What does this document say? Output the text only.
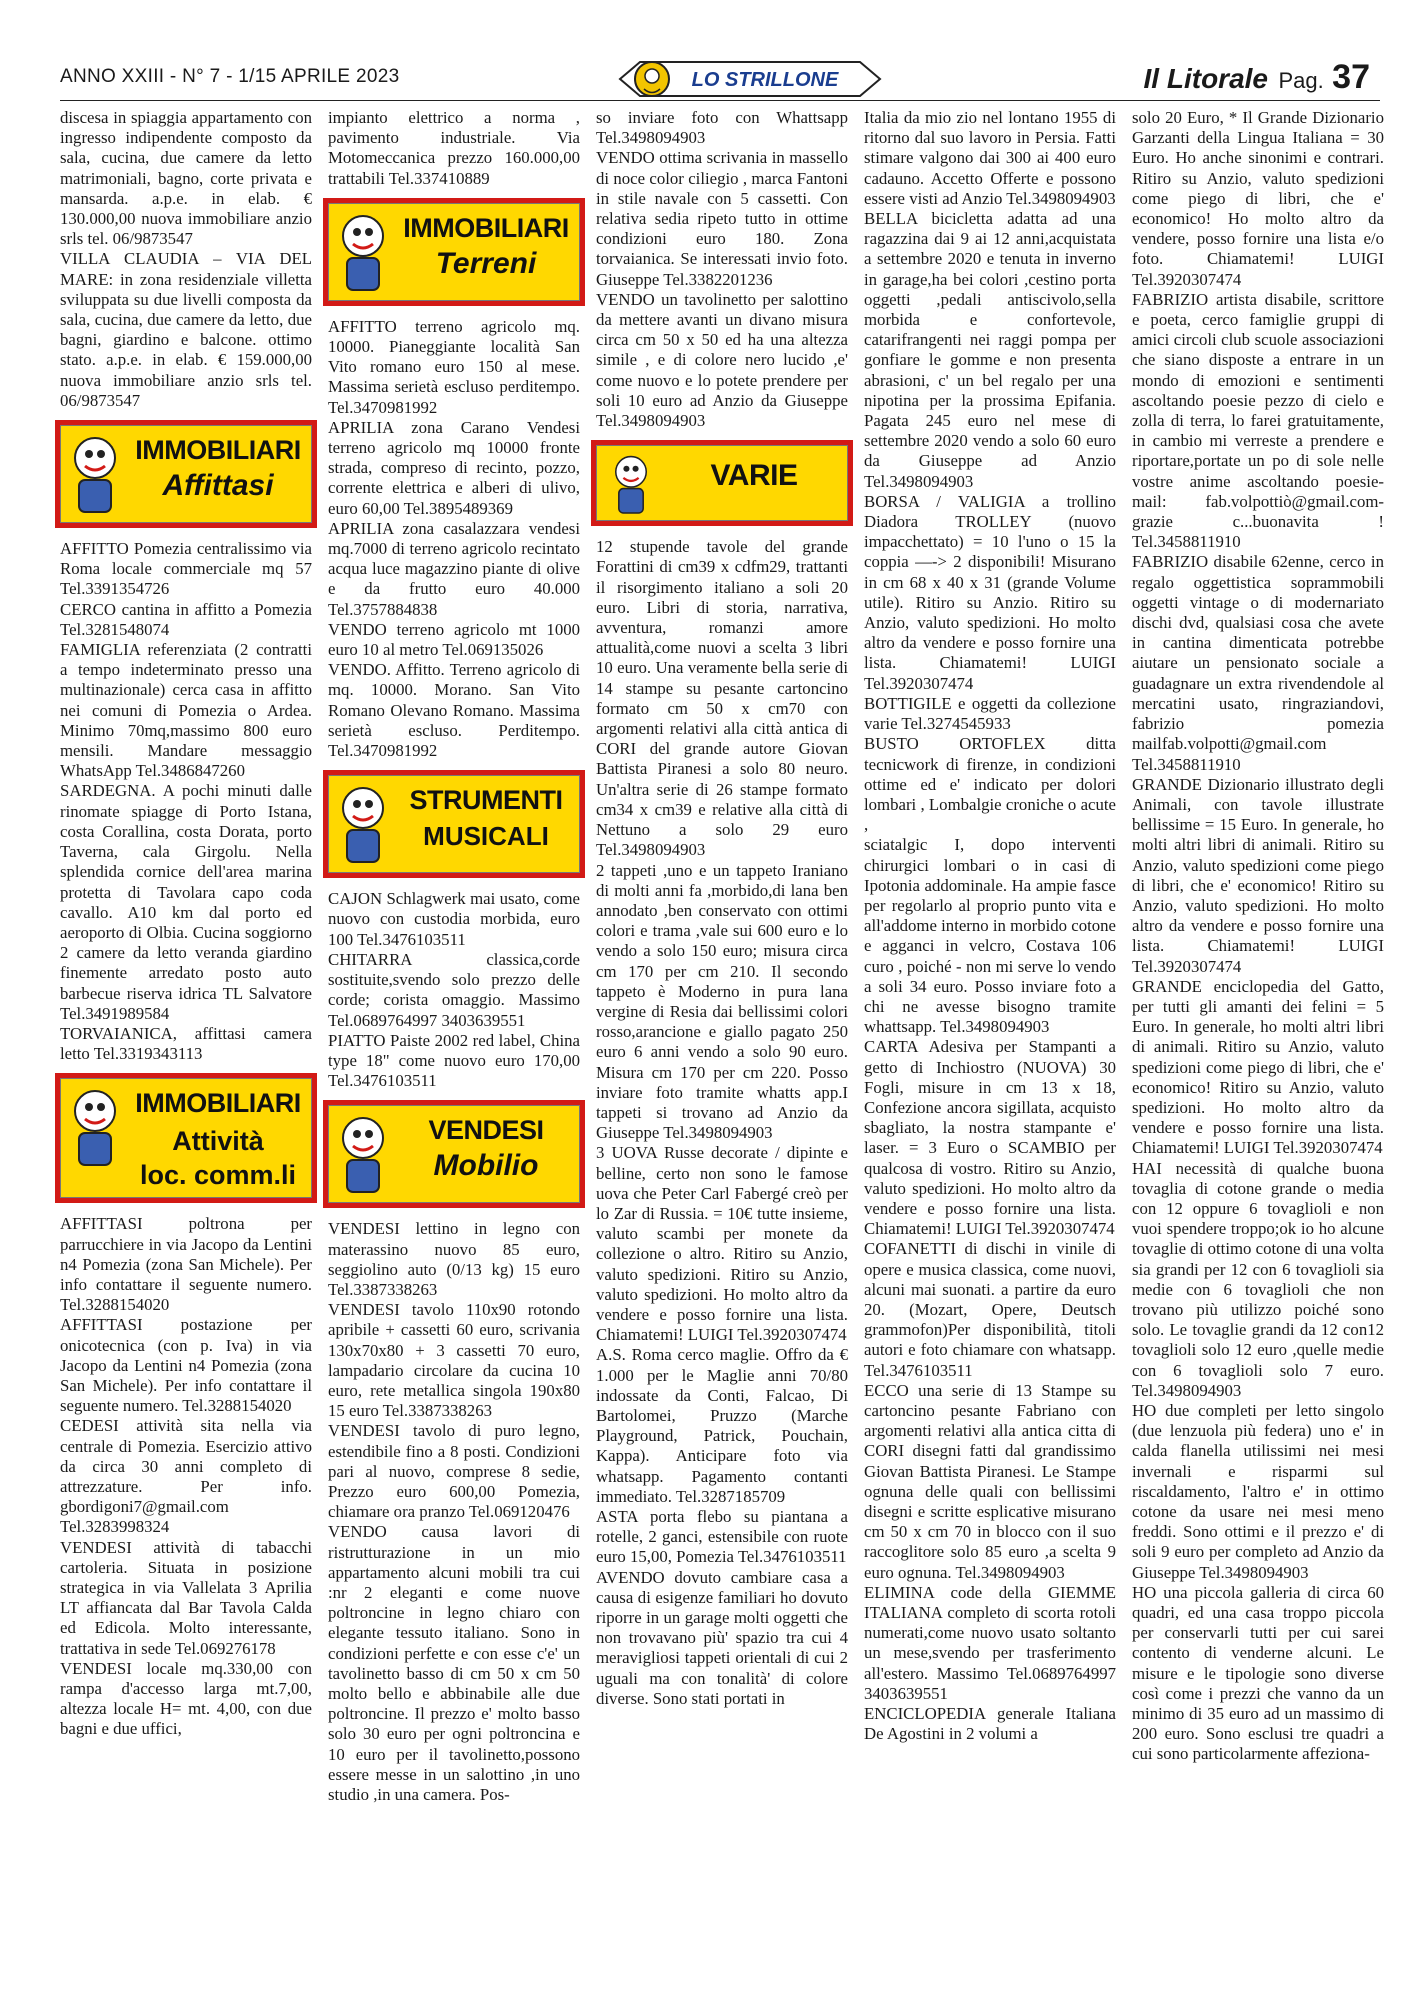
ANNO XXIII - N° 7 - 1/15 APRILE 2023	LO STRILLONE	Il Litorale Pag. 37

discesa in spiaggia appartamento con ingresso indipendente composto da sala, cucina, due camere da letto matrimoniali, bagno, corte privata e mansarda. a.p.e. in elab. € 130.000,00 nuova immobiliare anzio srls tel. 06/9873547

VILLA CLAUDIA – VIA DEL MARE: in zona residenziale villetta sviluppata su due livelli composta da sala, cucina, due camere da letto, due bagni, giardino e balcone. ottimo stato. a.p.e. in elab. € 159.000,00 nuova immobiliare anzio srls tel. 06/9873547

IMMOBILIARI
Affittasi

AFFITTO Pomezia centralissimo via Roma locale commerciale mq 57 Tel.3391354726

CERCO cantina in affitto a Pomezia Tel.3281548074

FAMIGLIA referenziata (2 contratti a tempo indeterminato presso una multinazionale) cerca casa in affitto nei comuni di Pomezia o Ardea. Minimo 70mq,massimo 800 euro mensili. Mandare messaggio WhatsApp Tel.3486847260

SARDEGNA. A pochi minuti dalle rinomate spiagge di Porto Istana, costa Corallina, costa Dorata, porto Taverna, cala Girgolu. Nella splendida cornice dell'area marina protetta di Tavolara capo coda cavallo. A10 km dal porto ed aeroporto di Olbia. Cucina soggiorno 2 camere da letto veranda giardino finemente arredato posto auto barbecue riserva idrica TL Salvatore Tel.3491989584

TORVAIANICA, affittasi camera letto Tel.3319343113

IMMOBILIARI
Attività
loc. comm.li

AFFITTASI poltrona per parrucchiere in via Jacopo da Lentini n4 Pomezia (zona San Michele). Per info contattare il seguente numero. Tel.3288154020

AFFITTASI postazione per onicotecnica (con p. Iva) in via Jacopo da Lentini n4 Pomezia (zona San Michele). Per info contattare il seguente numero. Tel.3288154020

CEDESI attività sita nella via centrale di Pomezia. Esercizio attivo da circa 30 anni completo di attrezzature. Per info. gbordigoni7@gmail.com Tel.3283998324

VENDESI attività di tabacchi cartoleria. Situata in posizione strategica in via Vallelata 3 Aprilia LT affiancata dal Bar Tavola Calda ed Edicola. Molto interessante, trattativa in sede Tel.069276178

VENDESI locale mq.330,00 con rampa d'accesso larga mt.7,00, altezza locale H= mt. 4,00, con due bagni e due uffici,

impianto elettrico a norma , pavimento industriale. Via Motomeccanica prezzo 160.000,00 trattabili Tel.337410889

IMMOBILIARI
Terreni

AFFITTO terreno agricolo mq. 10000. Pianeggiante località San Vito romano euro 150 al mese. Massima serietà escluso perditempo. Tel.3470981992

APRILIA zona Carano Vendesi terreno agricolo mq 10000 fronte strada, compreso di recinto, pozzo, corrente elettrica e alberi di ulivo, euro 60,00 Tel.3895489369

APRILIA zona casalazzara vendesi mq.7000 di terreno agricolo recintato acqua luce magazzino piante di olive e da frutto euro 40.000 Tel.3757884838

VENDO terreno agricolo mt 1000 euro 10 al metro Tel.069135026

VENDO. Affitto. Terreno agricolo di mq. 10000. Morano. San Vito Romano Olevano Romano. Massima serietà escluso. Perditempo. Tel.3470981992

STRUMENTI
MUSICALI

CAJON Schlagwerk mai usato, come nuovo con custodia morbida, euro 100 Tel.3476103511

CHITARRA classica,corde sostituite,svendo solo prezzo delle corde; corista omaggio. Massimo Tel.0689764997 3403639551

PIATTO Paiste 2002 red label, China type 18" come nuovo euro 170,00 Tel.3476103511

VENDESI
Mobilio

VENDESI lettino in legno con materassino nuovo 85 euro, seggiolino auto (0/13 kg) 15 euro Tel.3387338263

VENDESI tavolo 110x90 rotondo apribile + cassetti 60 euro, scrivania 130x70x80 + 3 cassetti 70 euro, lampadario circolare da cucina 10 euro, rete metallica singola 190x80 15 euro Tel.3387338263

VENDESI tavolo di puro legno, estendibile fino a 8 posti. Condizioni pari al nuovo, comprese 8 sedie, Prezzo euro 600,00 Pomezia, chiamare ora pranzo Tel.069120476

VENDO causa lavori di ristrutturazione in un mio appartamento alcuni mobili tra cui :nr 2 eleganti e come nuove poltroncine in legno chiaro con elegante tessuto italiano. Sono in condizioni perfette e con esse c'e' un tavolinetto basso di cm 50 x cm 50 molto bello e abbinabile alle due poltroncine. Il prezzo e' molto basso solo 30 euro per ogni poltroncina e 10 euro per il tavolinetto,possono essere messe in un salottino ,in uno studio ,in una camera. Pos-

so inviare foto con Whattsapp Tel.3498094903

VENDO ottima scrivania in massello di noce color ciliegio , marca Fantoni in stile navale con 5 cassetti. Con relativa sedia ripeto tutto in ottime condizioni euro 180. Zona torvaianica. Se interessati invio foto. Giuseppe Tel.3382201236

VENDO un tavolinetto per salottino da mettere avanti un divano misura circa cm 50 x 50 ed ha una altezza simile , e di colore nero lucido ,e' come nuovo e lo potete prendere per soli 10 euro ad Anzio da Giuseppe Tel.3498094903

VARIE

12 stupende tavole del grande Forattini di cm39 x cdfm29, trattanti il risorgimento italiano a soli 20 euro. Libri di storia, narrativa, avventura, romanzi amore attualità,come nuovi a scelta 3 libri 10 euro. Una veramente bella serie di 14 stampe su pesante cartoncino formato cm 50 x cm70 con argomenti relativi alla città antica di CORI del grande autore Giovan Battista Piranesi a solo 80 neuro. Un'altra serie di 26 stampe formato cm34 x cm39 e relative alla città di Nettuno a solo 29 euro Tel.3498094903

2 tappeti ,uno e un tappeto Iraniano di molti anni fa ,morbido,di lana ben annodato ,ben conservato con ottimi colori e trama ,vale sui 600 euro e lo vendo a solo 150 euro; misura circa cm 170 per cm 210. Il secondo tappeto è Moderno in pura lana vergine di Resia dai bellissimi colori rosso,arancione e giallo pagato 250 euro 6 anni vendo a solo 90 euro. Misura cm 170 per cm 220. Posso inviare foto tramite whatts app.I tappeti si trovano ad Anzio da Giuseppe Tel.3498094903

3 UOVA Russe decorate / dipinte e belline, certo non sono le famose uova che Peter Carl Fabergé creò per lo Zar di Russia. = 10€ tutte insieme, valuto scambi per monete da collezione o altro. Ritiro su Anzio, valuto spedizioni. Ritiro su Anzio, valuto spedizioni. Ho molto altro da vendere e posso fornire una lista. Chiamatemi! LUIGI Tel.3920307474

A.S. Roma cerco maglie. Offro da € 1.000 per le Maglie anni 70/80 indossate da Conti, Falcao, Di Bartolomei, Pruzzo (Marche Playground, Patrick, Pouchain, Kappa). Anticipare foto via whatsapp. Pagamento contanti immediato. Tel.3287185709

ASTA porta flebo su piantana a rotelle, 2 ganci, estensibile con ruote euro 15,00, Pomezia Tel.3476103511

AVENDO dovuto cambiare casa a causa di esigenze familiari ho dovuto riporre in un garage molti oggetti che non trovavano più' spazio tra cui 4 meravigliosi tappeti orientali di cui 2 uguali ma con tonalità' di colore diverse. Sono stati portati in

Italia da mio zio nel lontano 1955 di ritorno dal suo lavoro in Persia. Fatti stimare valgono dai 300 ai 400 euro cadauno. Accetto Offerte e possono essere visti ad Anzio Tel.3498094903

BELLA bicicletta adatta ad una ragazzina dai 9 ai 12 anni,acquistata a settembre 2020 e tenuta in inverno in garage,ha bei colori ,cestino porta oggetti ,pedali antiscivolo,sella morbida e confortevole, catarifrangenti nei raggi pompa per gonfiare le gomme e non presenta abrasioni, c' un bel regalo per una nipotina per la prossima Epifania. Pagata 245 euro nel mese di settembre 2020 vendo a solo 60 euro da Giuseppe ad Anzio Tel.3498094903

BORSA / VALIGIA a trollino Diadora TROLLEY (nuovo impacchettato) = 10 l'uno o 15 la coppia —-> 2 disponibili! Misurano in cm 68 x 40 x 31 (grande Volume utile). Ritiro su Anzio. Ritiro su Anzio, valuto spedizioni. Ho molto altro da vendere e posso fornire una lista. Chiamatemi! LUIGI Tel.3920307474

BOTTIGILE e oggetti da collezione varie Tel.3274545933

BUSTO ORTOFLEX ditta tecnicwork di firenze, in condizioni ottime ed e' indicato per dolori lombari , Lombalgie croniche o acute ,

sciatalgic I, dopo interventi chirurgici lombari o in casi di Ipotonia addominale. Ha ampie fasce per regolarlo al proprio punto vita e all'addome interno in morbido cotone e agganci in velcro, Costava 106 curo , poiché - non mi serve lo vendo a soli 34 euro. Posso inviare foto a chi ne avesse bisogno tramite whattsapp. Tel.3498094903

CARTA Adesiva per Stampanti a getto di Inchiostro (NUOVA) 30 Fogli, misure in cm 13 x 18, Confezione ancora sigillata, acquisto sbagliato, la nostra stampante e' laser. = 3 Euro o SCAMBIO per qualcosa di vostro. Ritiro su Anzio, valuto spedizioni. Ho molto altro da vendere e posso fornire una lista. Chiamatemi! LUIGI Tel.3920307474

COFANETTI di dischi in vinile di opere e musica classica, come nuovi, alcuni mai suonati. a partire da euro 20. (Mozart, Opere, Deutsch grammofon)Per disponibilità, titoli autori e foto chiamare con whatsapp. Tel.3476103511

ECCO una serie di 13 Stampe su cartoncino pesante Fabriano con argomenti relativi alla antica citta di CORI disegni fatti dal grandissimo Giovan Battista Piranesi. Le Stampe ognuna delle quali con bellissimi disegni e scritte esplicative misurano cm 50 x cm 70 in blocco con il suo raccoglitore solo 85 euro ,a scelta 9 euro ognuna. Tel.3498094903

ELIMINA code della GIEMME ITALIANA completo di scorta rotoli numerati,come nuovo usato soltanto un mese,svendo per trasferimento all'estero. Massimo Tel.0689764997 3403639551

ENCICLOPEDIA generale Italiana De Agostini in 2 volumi a

solo 20 Euro, * Il Grande Dizionario Garzanti della Lingua Italiana = 30 Euro. Ho anche sinonimi e contrari. Ritiro su Anzio, valuto spedizioni come piego di libri, che e' economico! Ho molto altro da vendere, posso fornire una lista e/o foto. Chiamatemi! LUIGI Tel.3920307474

FABRIZIO artista disabile, scrittore e poeta, cerco famiglie gruppi di amici circoli club scuole associazioni che siano disposte a entrare in un mondo di emozioni e sentimenti ascoltando poesie pezzo di cielo e zolla di terra, lo farei gratuitamente, in cambio mi verreste a prendere e riportare,portate un po di sole nelle vostre anime ascoltando poesie- mail: fab.volpottiò@gmail.com-grazie c...buonavita ! Tel.3458811910

FABRIZIO disabile 62enne, cerco in regalo oggettistica soprammobili oggetti vintage o di modernariato dischi dvd, qualsiasi cosa che avete in cantina dimenticata potrebbe aiutare un pensionato sociale a guadagnare un extra rivendendole al mercatini usato, ringraziandovi, fabrizio pomezia mailfab.volpotti@gmail.com Tel.3458811910

GRANDE Dizionario illustrato degli Animali, con tavole illustrate bellissime = 15 Euro. In generale, ho molti altri libri di animali. Ritiro su Anzio, valuto spedizioni come piego di libri, che e' economico! Ritiro su Anzio, valuto spedizioni. Ho molto altro da vendere e posso fornire una lista. Chiamatemi! LUIGI Tel.3920307474

GRANDE enciclopedia del Gatto, per tutti gli amanti dei felini = 5 Euro. In generale, ho molti altri libri di animali. Ritiro su Anzio, valuto spedizioni come piego di libri, che e' economico! Ritiro su Anzio, valuto spedizioni. Ho molto altro da vendere e posso fornire una lista. Chiamatemi! LUIGI Tel.3920307474

HAI necessità di qualche buona tovaglia di cotone grande o media con 12 oppure 6 tovaglioli e non vuoi spendere troppo;ok io ho alcune tovaglie di ottimo cotone di una volta sia grandi per 12 con 6 tovaglioli sia medie con 6 tovaglioli che non trovano più utilizzo poiché sono solo. Le tovaglie grandi da 12 con12 tovaglioli solo 12 euro ,quelle medie con 6 tovaglioli solo 7 euro. Tel.3498094903

HO due completi per letto singolo (due lenzuola più federa) uno e' in calda flanella utilissimi nei mesi invernali e risparmi sul riscaldamento, l'altro e' in ottimo cotone da usare nei mesi meno freddi. Sono ottimi e il prezzo e' di soli 9 euro per completo ad Anzio da Giuseppe Tel.3498094903

HO una piccola galleria di circa 60 quadri, ed una casa troppo piccola per conservarli tutti per cui sarei contento di venderne alcuni. Le misure e le tipologie sono diverse così come i prezzi che vanno da un minimo di 35 euro ad un massimo di 200 euro. Sono esclusi tre quadri a cui sono particolarmente affeziona-
